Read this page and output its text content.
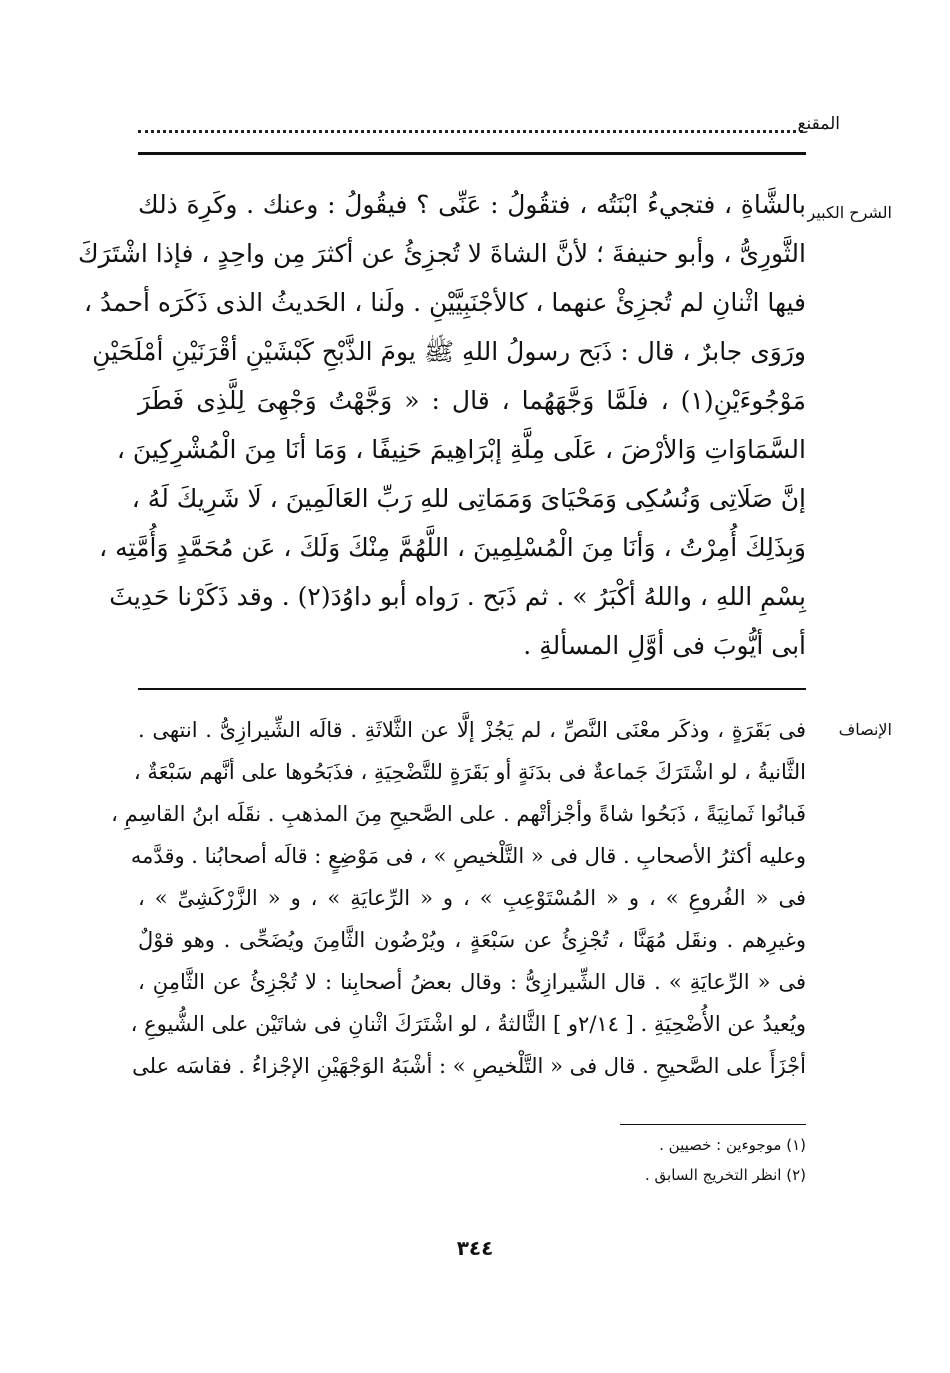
المقنع
الشرح الكبير
بالشَّاةِ ، فتجيءُ ابْنَتُه ، فتقُولُ : عَنِّى ؟ فيقُولُ : وعنك . وكَرِهَ ذلك
الثَّورِىُّ ، وأبو حنيفةَ ؛ لأنَّ الشاةَ لا تُجزِئُ عن أكثرَ مِن واحِدٍ ، فإذا اشْتَرَكَ
فيها اثْنانِ لم تُجزِئْ عنهما ، كالأجْنَبِيَّيْنِ . ولَنا ، الحَديثُ الذى ذَكَرَه أحمدُ ،
ورَوَى جابرٌ ، قال : ذَبَح رسولُ اللهِ ﷺ يومَ الذَّبْحِ كَبْشَيْنِ أقْرَنَيْنِ أمْلَحَيْنِ
مَوْجُوءَيْنِ(١) ، فلَمَّا وَجَّهَهُما ، قال : « وَجَّهْتُ وَجْهِىَ لِلَّذِى فَطَرَ
السَّمَاوَاتِ وَالأرْضَ ، عَلَى مِلَّةِ إبْرَاهِيمَ حَنِيفًا ، وَمَا أنَا مِنَ الْمُشْرِكِينَ ،
إنَّ صَلَاتِى وَنُسُكِى وَمَحْيَاىَ وَمَمَاتِى للهِ رَبِّ العَالَمِينَ ، لَا شَرِيكَ لَهُ ،
وَبِذَلِكَ أُمِرْتُ ، وَأنَا مِنَ الْمُسْلِمِينَ ، اللَّهُمَّ مِنْكَ وَلَكَ ، عَن مُحَمَّدٍ وَأُمَّتِه ،
بِسْمِ اللهِ ، واللهُ أكْبَرُ » . ثم ذَبَح . رَواه أبو داوُدَ(٢) . وقد ذَكَرْنا حَدِيثَ
أبى أيُّوبَ فى أوَّلِ المسألةِ .
الإنصاف
فى بَقَرَةٍ ، وذكَر معْنَى النَّصِّ ، لم يَجُزْ إلَّا عن الثَّلاثَةِ . قالَه الشِّيرازِىُّ . انتهى .
الثَّانيةُ ، لو اشْتَرَكَ جَماعةٌ فى بدَنَةٍ أو بَقَرَةٍ للتَّضْحِيَةِ ، فذَبَحُوها على أنَّهم سَبْعَةٌ ،
فَبانُوا ثَمانِيَةً ، ذَبَحُوا شاةً وأجْزأتْهم . على الصَّحيحِ مِنَ المذهبِ . نقَلَه ابنُ القاسِمِ ،
وعليه أكثرُ الأصحابِ . قال فى « التَّلْخيصِ » ، فى مَوْضِعٍ : قالَه أصحابُنا . وقدَّمه
فى « الفُروعِ » ، و « المُسْتَوْعِبِ » ، و « الرِّعايَةِ » ، و « الزَّرْكَشِىِّ » ،
وغيرِهم . ونقَل مُهَنَّا ، تُجْزِئُ عن سَبْعَةٍ ، ويُرْضُون الثَّامِنَ ويُضَحِّى . وهو قوْلٌ
فى « الرِّعايَةِ » . قال الشِّيرازِىُّ : وقال بعضُ أصحابِنا : لا تُجْزِئُ عن الثَّامِنِ ،
ويُعيدُ عن الأُضْحِيَةِ . [ ٢/١٤و ] الثَّالثةُ ، لو اشْتَرَكَ اثْنانِ فى شاتَيْن على الشُّيوعِ ،
أجْزَأَ على الصَّحيحِ . قال فى « التَّلْخيصِ » : أشْبَهُ الوَجْهَيْنِ الإجْزاءُ . فقاسَه على
(١) موجوءين : خصيين .
(٢) انظر التخريج السابق .
٣٤٤
